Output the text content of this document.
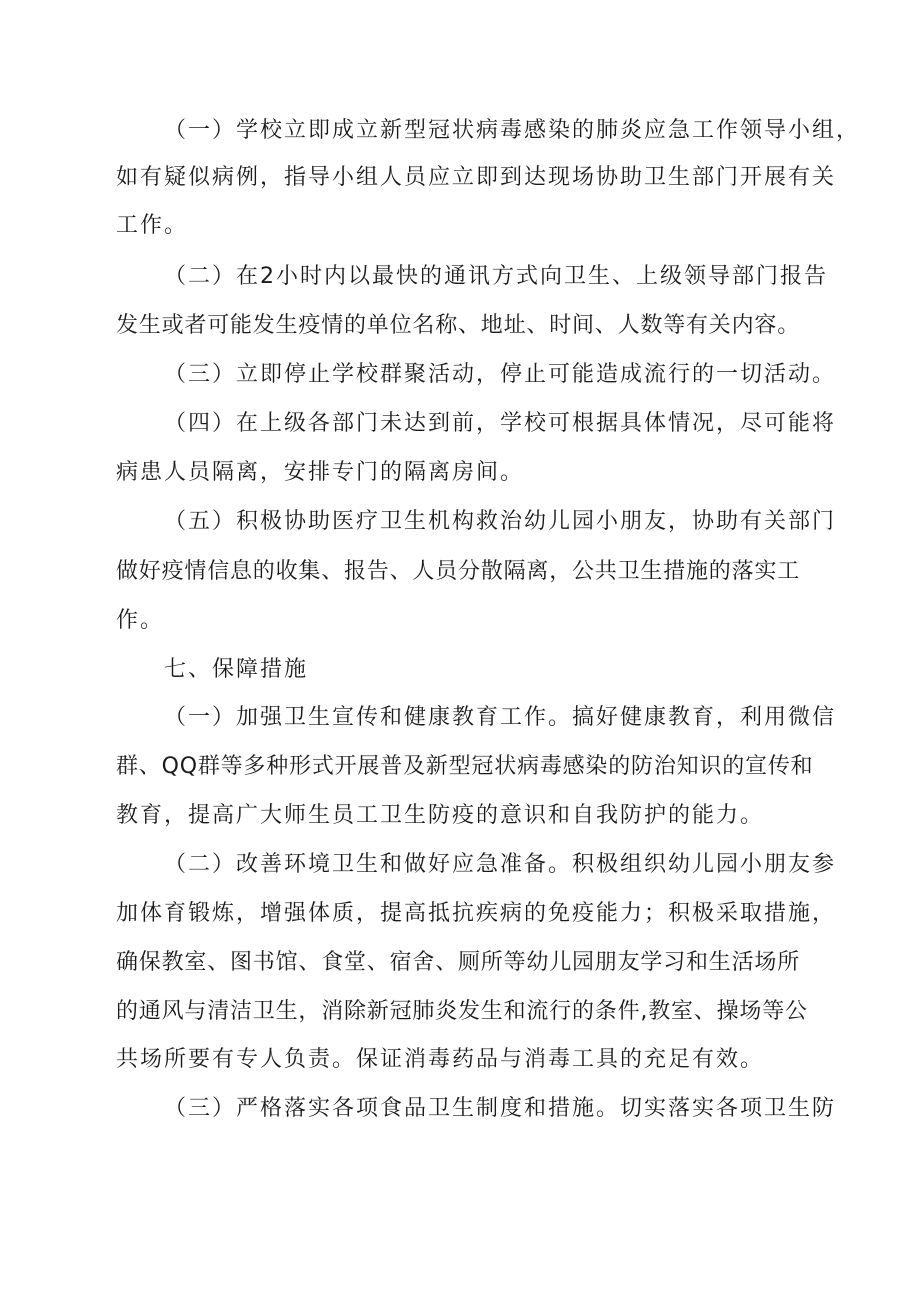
（一）学校立即成立新型冠状病毒感染的肺炎应急工作领导小组，
如有疑似病例，指导小组人员应立即到达现场协助卫生部门开展有关
工作。
（二）在2小时内以最快的通讯方式向卫生、上级领导部门报告
发生或者可能发生疫情的单位名称、地址、时间、人数等有关内容。
（三）立即停止学校群聚活动，停止可能造成流行的一切活动。
（四）在上级各部门未达到前，学校可根据具体情况，尽可能将
病患人员隔离，安排专门的隔离房间。
（五）积极协助医疗卫生机构救治幼儿园小朋友，协助有关部门
做好疫情信息的收集、报告、人员分散隔离，公共卫生措施的落实工
作。
七、保障措施
（一）加强卫生宣传和健康教育工作。搞好健康教育，利用微信
群、QQ群等多种形式开展普及新型冠状病毒感染的防治知识的宣传和
教育，提高广大师生员工卫生防疫的意识和自我防护的能力。
（二）改善环境卫生和做好应急准备。积极组织幼儿园小朋友参
加体育锻炼，增强体质，提高抵抗疾病的免疫能力；积极采取措施，
确保教室、图书馆、食堂、宿舍、厕所等幼儿园朋友学习和生活场所
的通风与清洁卫生，消除新冠肺炎发生和流行的条件,教室、操场等公
共场所要有专人负责。保证消毒药品与消毒工具的充足有效。
（三）严格落实各项食品卫生制度和措施。切实落实各项卫生防
